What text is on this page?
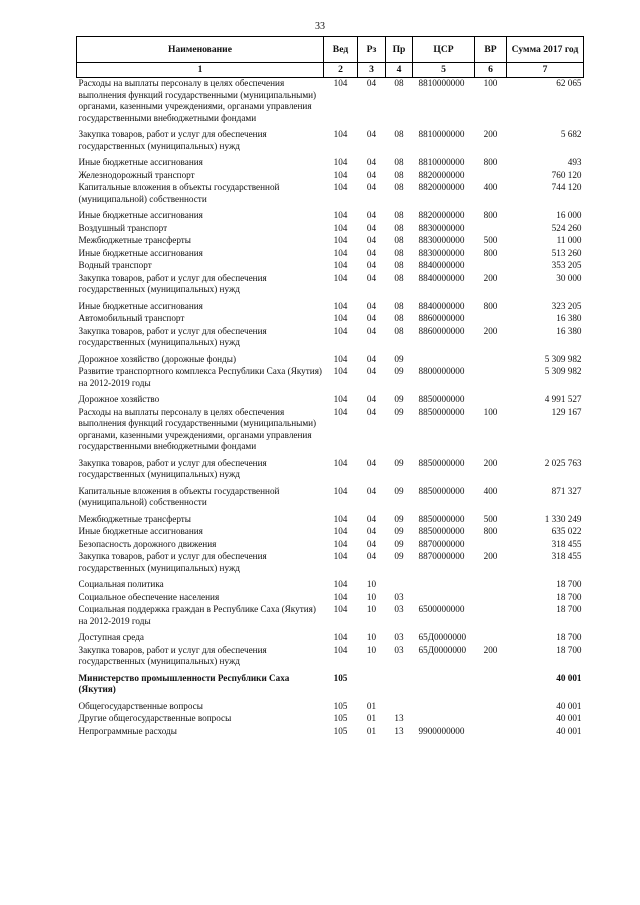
33
Наименование	Вед	Рз	Пр	ЦСР	ВР	Сумма 2017 год
1	2	3	4	5	6	7
Расходы на выплаты персоналу в целях обеспечения выполнения функций государственными (муниципальными) органами, казенными учреждениями, органами управления государственными внебюджетными фондами	104	04	08	8810000000	100	62 065
Закупка товаров, работ и услуг для обеспечения государственных (муниципальных) нужд	104	04	08	8810000000	200	5 682
Иные бюджетные ассигнования	104	04	08	8810000000	800	493
Железнодорожный транспорт	104	04	08	8820000000		760 120
Капитальные вложения в объекты государственной (муниципальной) собственности	104	04	08	8820000000	400	744 120
Иные бюджетные ассигнования	104	04	08	8820000000	800	16 000
Воздушный транспорт	104	04	08	8830000000		524 260
Межбюджетные трансферты	104	04	08	8830000000	500	11 000
Иные бюджетные ассигнования	104	04	08	8830000000	800	513 260
Водный транспорт	104	04	08	8840000000		353 205
Закупка товаров, работ и услуг для обеспечения государственных (муниципальных) нужд	104	04	08	8840000000	200	30 000
Иные бюджетные ассигнования	104	04	08	8840000000	800	323 205
Автомобильный транспорт	104	04	08	8860000000		16 380
Закупка товаров, работ и услуг для обеспечения государственных (муниципальных) нужд	104	04	08	8860000000	200	16 380
Дорожное хозяйство (дорожные фонды)	104	04	09			5 309 982
Развитие транспортного комплекса Республики Саха (Якутия) на 2012-2019 годы	104	04	09	8800000000		5 309 982
Дорожное хозяйство	104	04	09	8850000000		4 991 527
Расходы на выплаты персоналу в целях обеспечения выполнения функций государственными (муниципальными) органами, казенными учреждениями, органами управления государственными внебюджетными фондами	104	04	09	8850000000	100	129 167
Закупка товаров, работ и услуг для обеспечения государственных (муниципальных) нужд	104	04	09	8850000000	200	2 025 763
Капитальные вложения в объекты государственной (муниципальной) собственности	104	04	09	8850000000	400	871 327
Межбюджетные трансферты	104	04	09	8850000000	500	1 330 249
Иные бюджетные ассигнования	104	04	09	8850000000	800	635 022
Безопасность дорожного движения	104	04	09	8870000000		318 455
Закупка товаров, работ и услуг для обеспечения государственных (муниципальных) нужд	104	04	09	8870000000	200	318 455
Социальная политика	104	10				18 700
Социальное обеспечение населения	104	10	03			18 700
Социальная поддержка граждан в Республике Саха (Якутия) на 2012-2019 годы	104	10	03	6500000000		18 700
Доступная среда	104	10	03	65Д0000000		18 700
Закупка товаров, работ и услуг для обеспечения государственных (муниципальных) нужд	104	10	03	65Д0000000	200	18 700
Министерство промышленности Республики Саха (Якутия)	105					40 001
Общегосударственные вопросы	105	01				40 001
Другие общегосударственные вопросы	105	01	13			40 001
Непрограммные расходы	105	01	13	9900000000		40 001
